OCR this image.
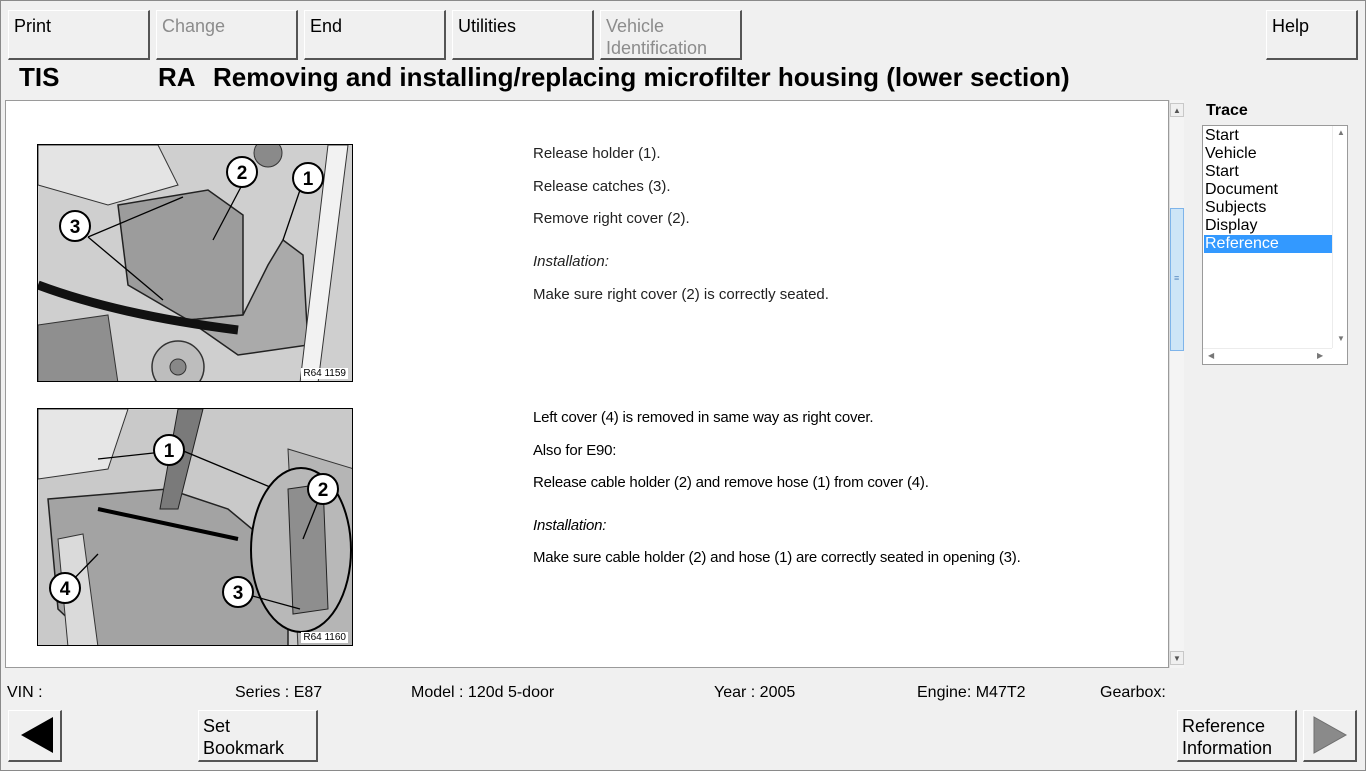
Print	Change	End	Utilities	Vehicle
Identification
Help
TIS	RA Removing and installing/replacing microfilter housing (lower section)
1
2
3
R64 1159
Release holder (1).
Release catches (3).
Remove right cover (2).
Installation:
Make sure right cover (2) is correctly seated.
1
2
3
4
R64 1160
Left cover (4) is removed in same way as right cover.
Also for E90:
Release cable holder (2) and remove hose (1) from cover (4).
Installation:
Make sure cable holder (2) and hose (1) are correctly seated in opening (3).
▲
≡
▼
Trace
Start
Vehicle
Start
Document
Subjects
Display
Reference
▲
▼
◀	▶
VIN :	Series : E87	Model : 120d 5-door	Year : 2005	Engine: M47T2	Gearbox:
Set
Bookmark
Reference
Information
